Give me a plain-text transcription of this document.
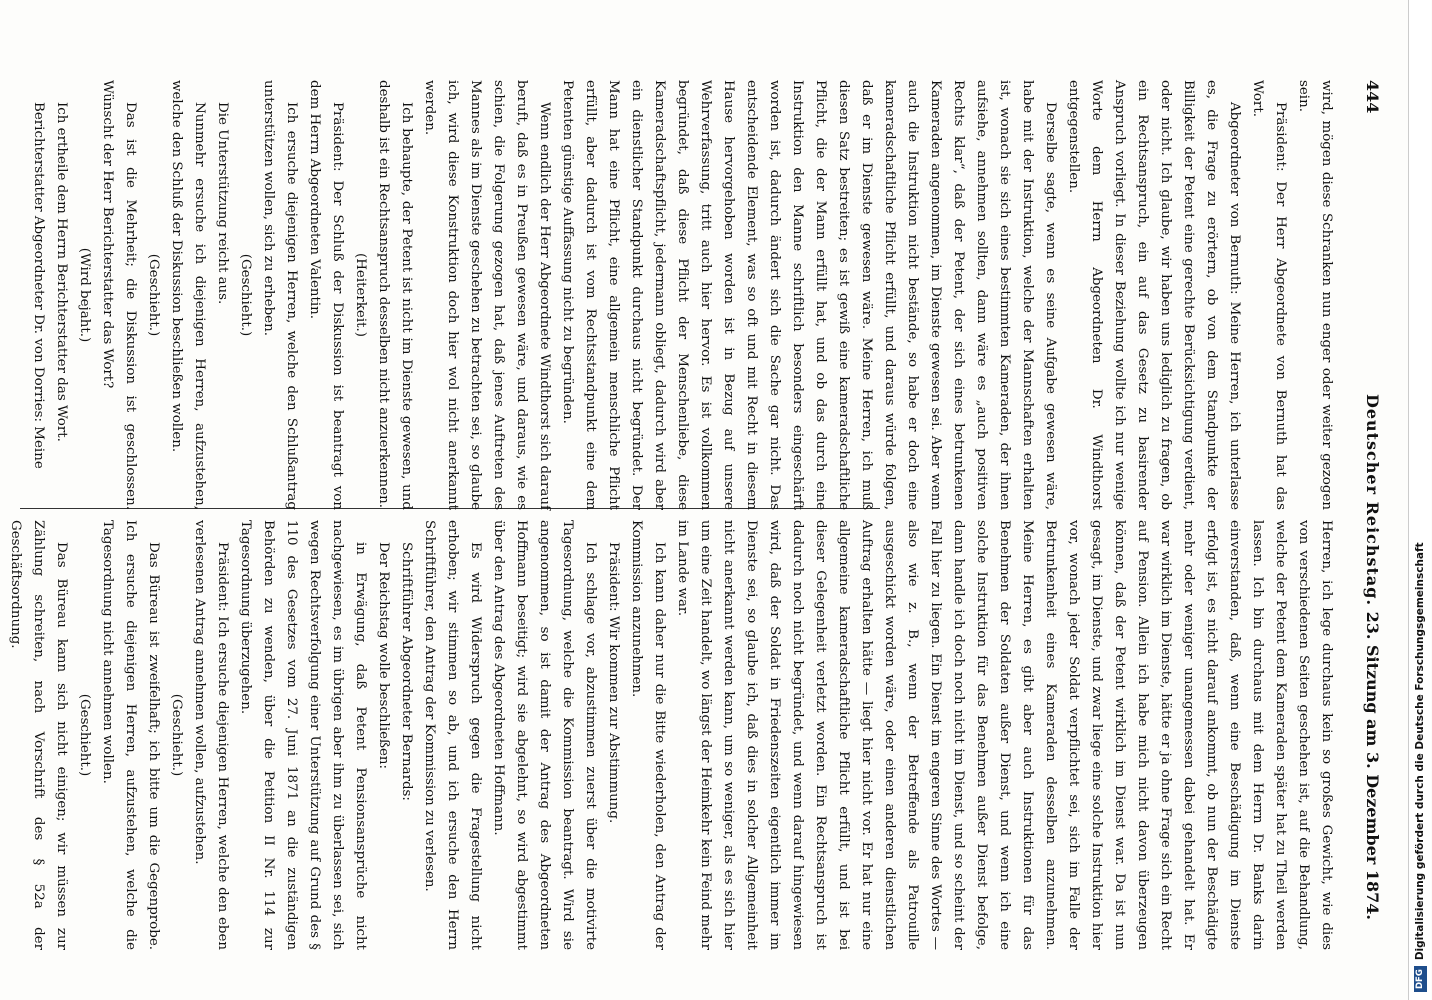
444
Deutscher Reichstag.
23. Sitzung am 3. Dezember 1874.

wird, mögen diese Schranken nun enger oder weiter gezogen sein.

Präsident: Der Herr Abgeordnete von Bernuth hat das Wort.

Abgeordneter von Bernuth: Meine Herren, ich unterlasse es, die Frage zu erörtern, ob von dem Standpunkte der Billigkeit der Petent eine gerechte Berücksichtigung verdient, oder nicht. Ich glaube, wir haben uns lediglich zu fragen, ob ein Rechtsanspruch, ein auf das Gesetz zu basirender Anspruch vorliegt. In dieser Beziehung wollte ich nur wenige Worte dem Herrn Abgeordneten Dr. Windthorst entgegenstellen.

Derselbe sagte, wenn es seine Aufgabe gewesen wäre, habe mit der Instruktion, welche der Mannschaften erhalten ist, wonach sie sich eines bestimmten Kameraden, der ihnen aufsiehe, annehmen sollten, dann wäre es „auch positiven Rechts klar“, daß der Petent, der sich eines betrunkenen Kameraden angenommen, im Dienste gewesen sei. Aber wenn auch die Instruktion nicht bestände, so habe er doch eine kameradschaftliche Pflicht erfüllt, und daraus würde folgen, daß er im Dienste gewesen wäre. Meine Herren, ich muß diesen Satz bestreiten; es ist gewiß eine kameradschaftliche Pflicht, die der Mann erfüllt hat, und ob das durch eine Instruktion den Manne schriftlich besonders eingeschärft worden ist, dadurch ändert sich die Sache gar nicht. Das entscheidende Element, was so oft und mit Recht in diesem Hause hervorgehoben worden ist in Bezug auf unsere Wehrverfassung, tritt auch hier hervor. Es ist vollkommen begründet, daß diese Pflicht der Menschenliebe, diese Kameradschaftspflicht, jedermann obliegt, dadurch wird aber ein dienstlicher Standpunkt durchaus nicht begründet. Der Mann hat eine Pflicht, eine allgemein menschliche Pflicht erfüllt, aber dadurch ist vom Rechtsstandpunkt eine dem Petenten günstige Auffassung nicht zu begründen.

Wenn endlich der Herr Abgeordnete Windthorst sich darauf beruft, daß es in Preußen gewesen wäre, und daraus, wie es schien, die Folgerung gezogen hat, daß jenes Auftreten des Mannes als im Dienste geschehen zu betrachten sei, so glaube ich, wird diese Konstruktion doch hier wol nicht anerkannt werden.

Ich behaupte, der Petent ist nicht im Dienste gewesen, und deshalb ist ein Rechtsanspruch desselben nicht anzuerkennen.

(Heiterkeit.)

Präsident: Der Schluß der Diskussion ist beantragt von dem Herrn Abgeordneten Valentin.

Ich ersuche diejenigen Herren, welche den Schlußantrag unterstützen wollen, sich zu erheben.

(Geschieht.)

Die Unterstützung reicht aus.

Nunmehr ersuche ich diejenigen Herren, aufzustehen, welche den Schluß der Diskussion beschließen wollen.

(Geschieht.)

Das ist die Mehrheit; die Diskussion ist geschlossen. Wünscht der Herr Berichterstatter das Wort?

(Wird bejaht.)

Ich ertheile dem Herrn Berichterstatter das Wort.

Berichterstatter Abgeordneter Dr. von Dorries: Meine

Herren, ich lege durchaus kein so großes Gewicht, wie dies von verschiedenen Seiten geschehen ist, auf die Behandlung, welche der Petent dem Kameraden später hat zu Theil werden lassen. Ich bin durchaus mit dem Herrn Dr. Banks darin einverstanden, daß, wenn eine Beschädigung im Dienste erfolgt ist, es nicht darauf ankommt, ob nun der Beschädigte mehr oder weniger unangemessen dabei gehandelt hat. Er war wirklich im Dienste, hätte er ja ohne Frage sich ein Recht auf Pension. Allein ich habe mich nicht davon überzeugen können, daß der Petent wirklich im Dienst war. Da ist nun gesagt, im Dienste, und zwar liege eine solche Instruktion hier vor, wonach jeder Soldat verpflichtet sei, sich im Falle der Betrunkenheit eines Kameraden desselben anzunehmen. Meine Herren, es gibt aber auch Instruktionen für das Benehmen der Soldaten außer Dienst, und wenn ich eine solche Instruktion für das Benehmen außer Dienst befolge, dann handle ich doch noch nicht im Dienst, und so scheint der Fall hier zu liegen. Ein Dienst im engeren Sinne des Wortes — also wie z. B., wenn der Betreffende als Patrouille ausgeschickt worden wäre, oder einen anderen dienstlichen Auftrag erhalten hätte — liegt hier nicht vor. Er hat nur eine allgemeine kameradschaftliche Pflicht erfüllt, und ist bei dieser Gelegenheit verletzt worden. Ein Rechtsanspruch ist dadurch noch nicht begründet, und wenn darauf hingewiesen wird, daß der Soldat in Friedenszeiten eigentlich immer im Dienste sei, so glaube ich, daß dies in solcher Allgemeinheit nicht anerkannt werden kann, um so weniger, als es sich hier um eine Zeit handelt, wo längst der Heimkehr kein Feind mehr im Lande war.

Ich kann daher nur die Bitte wiederholen, den Antrag der Kommission anzunehmen.

Präsident: Wir kommen zur Abstimmung.

Ich schlage vor, abzustimmen zuerst über die motivirte Tagesordnung, welche die Kommission beantragt. Wird sie angenommen, so ist damit der Antrag des Abgeordneten Hoffmann beseitigt; wird sie abgelehnt, so wird abgestimmt über den Antrag des Abgeordneten Hoffmann.

Es wird Widerspruch gegen die Fragestellung nicht erhoben; wir stimmen so ab, und ich ersuche den Herrn Schriftführer, den Antrag der Kommission zu verlesen.

Schriftführer Abgeordneter Bernards:

Der Reichstag wolle beschließen:

in Erwägung, daß Petent Pensionsansprüche nicht nachgewiesen, es im übrigen aber ihm zu überlassen sei, sich wegen Rechtsverfolgung einer Unterstützung auf Grund des § 110 des Gesetzes vom 27. Juni 1871 an die zuständigen Behörden zu wenden, über die Petition II Nr. 114 zur Tagesordnung überzugehen.

Präsident: Ich ersuche diejenigen Herren, welche den eben verlesenen Antrag annehmen wollen, aufzustehen.

(Geschieht.)

Das Büreau ist zweifelhaft; ich bitte um die Gegenprobe. Ich ersuche diejenigen Herren, aufzustehen, welche die Tagesordnung nicht annehmen wollen.

(Geschieht.)

Das Büreau kann sich nicht einigen; wir müssen zur Zählung schreiten, nach Vorschrift des § 52a der Geschäftsordnung.

DFGDigitalisierung gefördert durch die Deutsche Forschungsgemeinschaft
